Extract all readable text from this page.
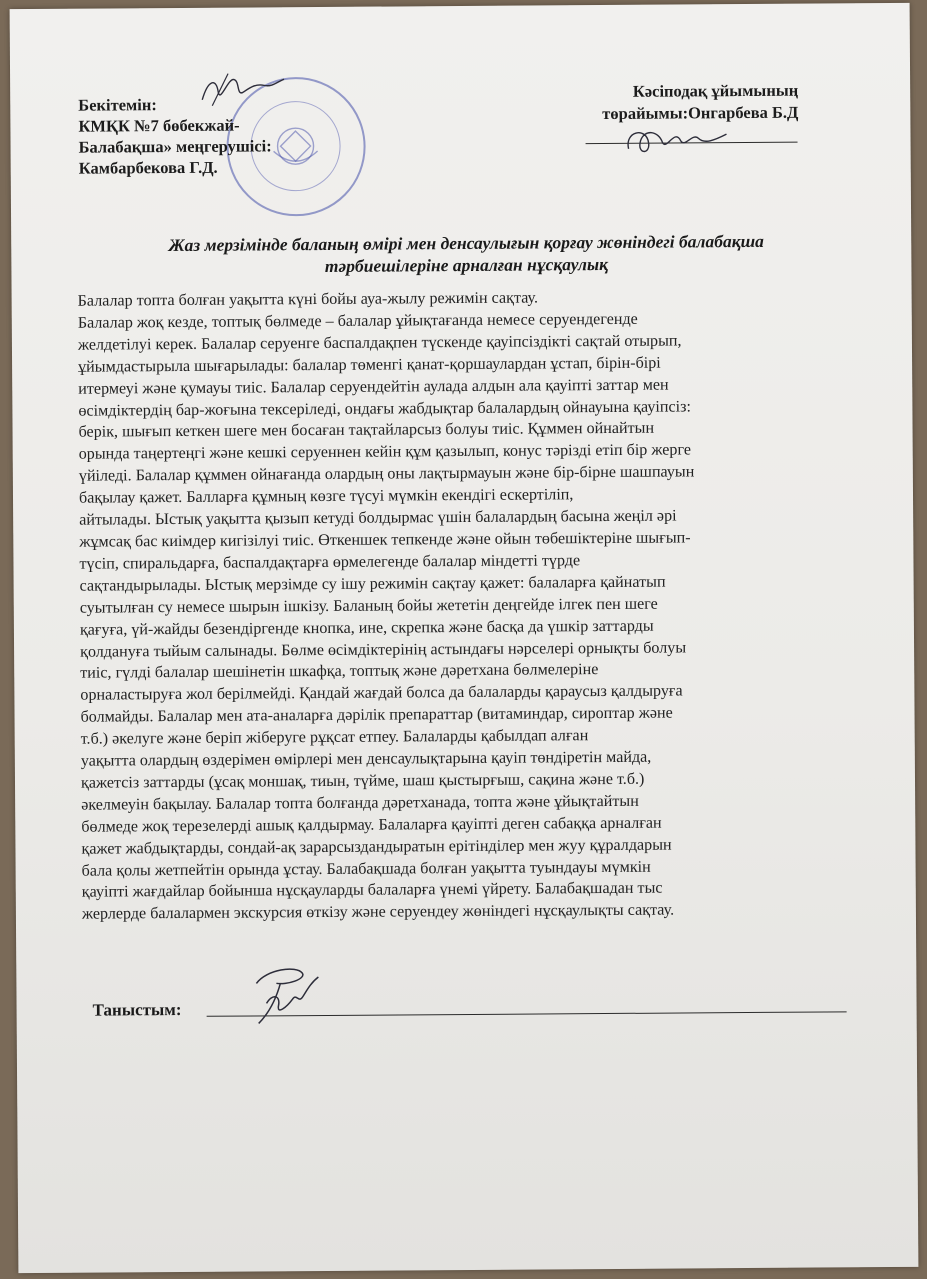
Бекітемін:
КМҚК №7 бөбекжай-
Балабақша» меңгерушісі:
Камбарбекова Г.Д.
Кәсіподақ ұйымының
төрайымы:Онгарбева Б.Д
Жаз мерзімінде баланың өмірі мен денсаулығын қорғау жөніндегі балабақша
тәрбиешілеріне арналған нұсқаулық
Балалар топта болған уақытта күні бойы ауа-жылу режимін сақтау.
Балалар жоқ кезде, топтық бөлмеде – балалар ұйықтағанда немесе серуендегенде
желдетілуі керек. Балалар серуенге баспалдақпен түскенде қауіпсіздікті сақтай отырып,
ұйымдастырыла шығарылады: балалар төменгі қанат-қоршаулардан ұстап, бірін-бірі
итермеуі және қумауы тиіс. Балалар серуендейтін аулада алдын ала қауіпті заттар мен
өсімдіктердің бар-жоғына тексеріледі, ондағы жабдықтар балалардың ойнауына қауіпсіз:
берік, шығып кеткен шеге мен босаған тақтайларсыз болуы тиіс. Құммен ойнайтын
орында таңертеңгі және кешкі серуеннен кейін құм қазылып, конус тәрізді етіп бір жерге
үйіледі. Балалар құммен ойнағанда олардың оны лақтырмауын және бір-бірне шашпауын
бақылау қажет. Балларға құмның көзге түсуі мүмкін екендігі ескертіліп,
айтылады. Ыстық уақытта қызып кетуді болдырмас үшін балалардың басына жеңіл әрі
жұмсақ бас киімдер кигізілуі тиіс. Өткеншек тепкенде және ойын төбешіктеріне шығып-
түсіп, спиральдарға, баспалдақтарға өрмелегенде балалар міндетті түрде
сақтандырылады. Ыстық мерзімде су ішу режимін сақтау қажет: балаларға қайнатып
суытылған су немесе шырын ішкізу. Баланың бойы жететін деңгейде ілгек пен шеге
қағуға, үй-жайды безендіргенде кнопка, ине, скрепка және басқа да үшкір заттарды
қолдануға тыйым салынады. Бөлме өсімдіктерінің астындағы нәрселері орнықты болуы
тиіс, гүлді балалар шешінетін шкафқа, топтық және дәретхана бөлмелеріне
орналастыруға жол берілмейді. Қандай жағдай болса да балаларды қараусыз қалдыруға
болмайды. Балалар мен ата-аналарға дәрілік препараттар (витаминдар, сироптар және
т.б.) әкелуге және беріп жіберуге рұқсат етпеу. Балаларды қабылдап алған
уақытта олардың өздерімен өмірлері мен денсаулықтарына қауіп төндіретін майда,
қажетсіз заттарды (ұсақ моншақ, тиын, түйме, шаш қыстырғыш, сақина және т.б.)
әкелмеуін бақылау. Балалар топта болғанда дәретханада, топта және ұйықтайтын
бөлмеде жоқ терезелерді ашық қалдырмау. Балаларға қауіпті деген сабаққа арналған
қажет жабдықтарды, сондай-ақ зарарсыздандыратын ерітінділер мен жуу құралдарын
бала қолы жетпейтін орында ұстау. Балабақшада болған уақытта туындауы мүмкін
қауіпті жағдайлар бойынша нұсқауларды балаларға үнемі үйрету. Балабақшадан тыс
жерлерде балалармен экскурсия өткізу және серуендеу жөніндегі нұсқаулықты сақтау.
Таныстым:
